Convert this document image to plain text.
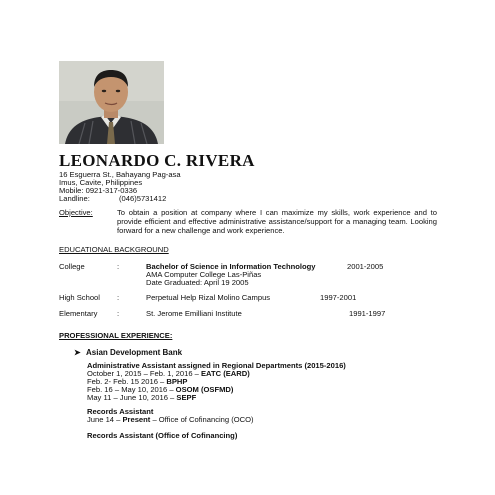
LEONARDO C. RIVERA
16 Esguerra St., Bahayang Pag-asa
Imus, Cavite, Philippines
Mobile: 0921-317-0336
Landline:	(046)5731412
Objective:	To obtain a position at company where I can maximize my skills, work experience and to provide efficient and effective administrative assistance/support for a managing team. Looking forward for a new challenge and work experience.
EDUCATIONAL BACKGROUND
College	:	Bachelor of Science in Information Technology	2001-2005
AMA Computer College Las-Piñas
Date Graduated: April 19 2005
High School :	Perpetual Help Rizal Molino Campus	1997-2001
Elementary	:	St. Jerome Emilliani Institute	1991-1997
PROFESSIONAL EXPERIENCE:
➤ Asian Development Bank
Administrative Assistant assigned in Regional Departments (2015-2016)
October 1, 2015 – Feb. 1, 2016 – EATC (EARD)
Feb. 2- Feb. 15 2016 – BPHP
Feb. 16 – May 10, 2016 – OSOM (OSFMD)
May 11 – June 10, 2016 – SEPF
Records Assistant
June 14 – Present – Office of Cofinancing (OCO)
Records Assistant (Office of Cofinancing)
